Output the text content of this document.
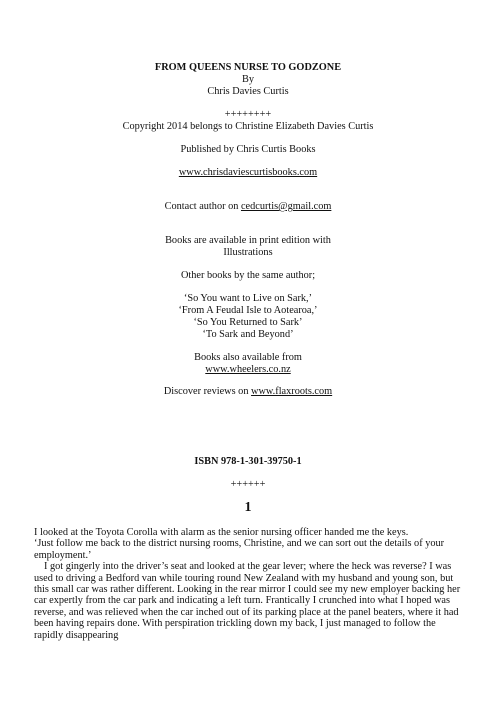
FROM QUEENS NURSE TO GODZONE
By
Chris Davies Curtis
++++++++
Copyright 2014 belongs to Christine Elizabeth Davies Curtis
Published by Chris Curtis Books
www.chrisdaviescurtisbooks.com
Contact author on cedcurtis@gmail.com
Books are available in print edition with
Illustrations
Other books by the same author;
‘So You want to Live on Sark,’
‘From A Feudal Isle to Aotearoa,’
‘So You Returned to Sark’
‘To Sark and Beyond’
Books also available from
www.wheelers.co.nz
Discover reviews on www.flaxroots.com
ISBN 978-1-301-39750-1
++++++
1

I looked at the Toyota Corolla with alarm as the senior nursing officer handed me the keys.

‘Just follow me back to the district nursing rooms, Christine, and we can sort out the details of your employment.’

I got gingerly into the driver’s seat and looked at the gear lever; where the heck was reverse? I was used to driving a Bedford van while touring round New Zealand with my husband and young son, but this small car was rather different. Looking in the rear mirror I could see my new employer backing her car expertly from the car park and indicating a left turn. Frantically I crunched into what I hoped was reverse, and was relieved when the car inched out of its parking place at the panel beaters, where it had been having repairs done. With perspiration trickling down my back, I just managed to follow the rapidly disappearing
